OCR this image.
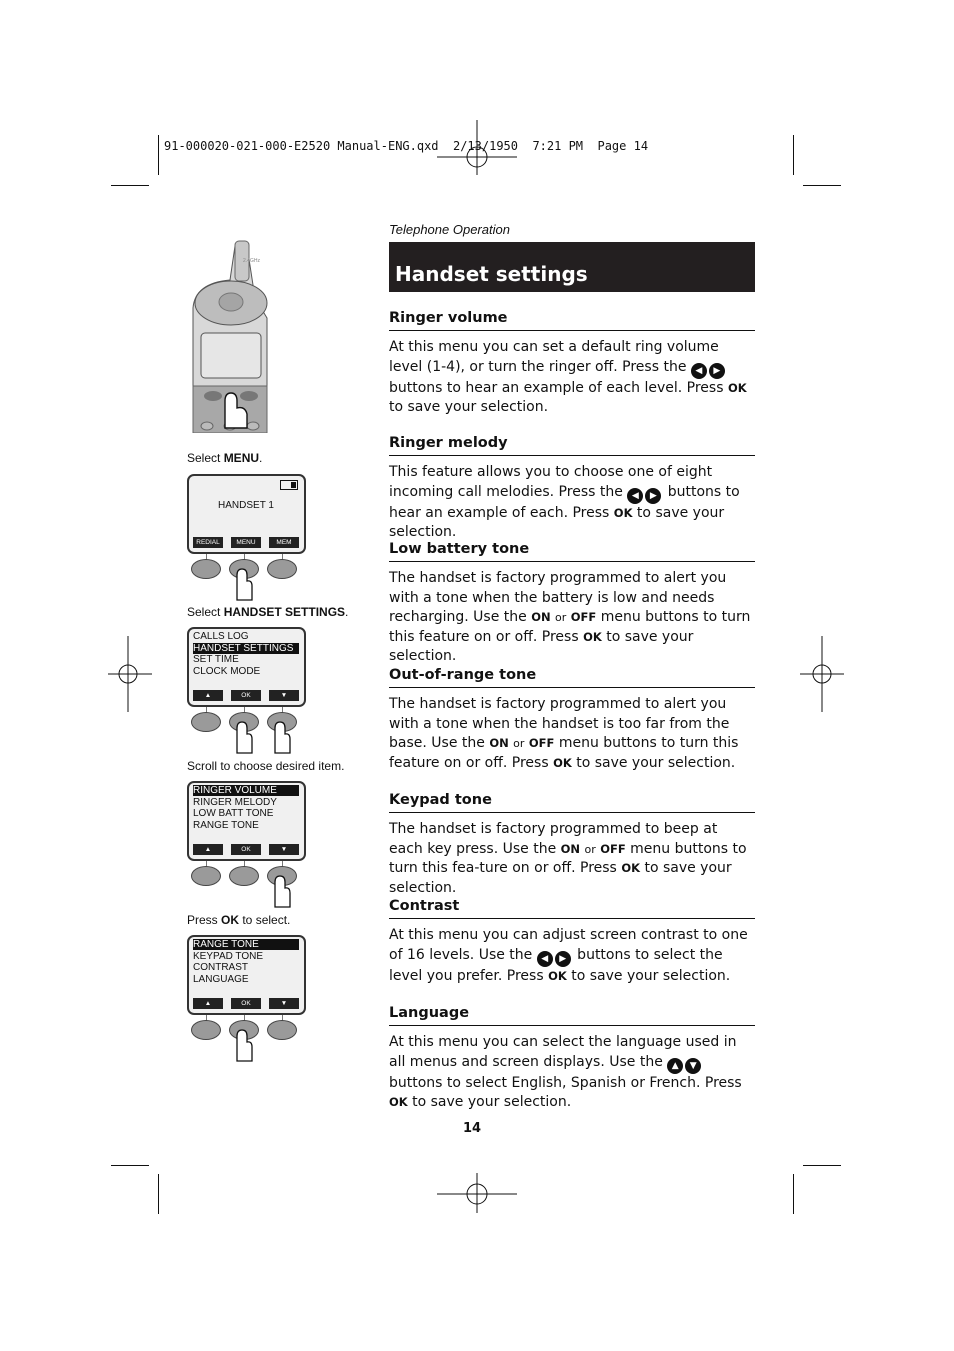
91-000020-021-000-E2520 Manual-ENG.qxd  2/13/1950  7:21 PM  Page 14
Telephone Operation
Handset settings
Ringer volume

At this menu you can set a default ring volume level (1-4), or turn the ringer off. Press the ◀ ▶ buttons to hear an example of each level. Press OK to save your selection.

Ringer melody

This feature allows you to choose one of eight incoming call melodies. Press the ◀ ▶ buttons to hear an example of each. Press OK to save your selection.

Low battery tone

The handset is factory programmed to alert you with a tone when the battery is low and needs recharging. Use the ON or OFF menu buttons to turn this feature on or off. Press OK to save your selection.

Out-of-range tone

The handset is factory programmed to alert you with a tone when the handset is too far from the base. Use the ON or OFF menu buttons to turn this feature on or off. Press OK to save your selection.

Keypad tone

The handset is factory programmed to beep at each key press. Use the ON or OFF menu buttons to turn this fea-ture on or off. Press OK to save your selection.

Contrast

At this menu you can adjust screen contrast to one of 16 levels. Use the ◀ ▶ buttons to select the level you prefer. Press OK to save your selection.

Language

At this menu you can select the language used in all menus and screen displays. Use the ▲ ▼ buttons to select English, Spanish or French. Press OK to save your selection.

14
2.4GHz
Select MENU.
HANDSET 1
REDIAL	MENU	MEM
Select HANDSET SETTINGS.
CALLS LOG
HANDSET SETTINGS
SET TIME
CLOCK MODE
▲	OK	▼
Scroll to choose desired item.
RINGER VOLUME
RINGER MELODY
LOW BATT TONE
RANGE TONE
▲	OK	▼
Press OK to select.
RANGE TONE
KEYPAD TONE
CONTRAST
LANGUAGE
▲	OK	▼
